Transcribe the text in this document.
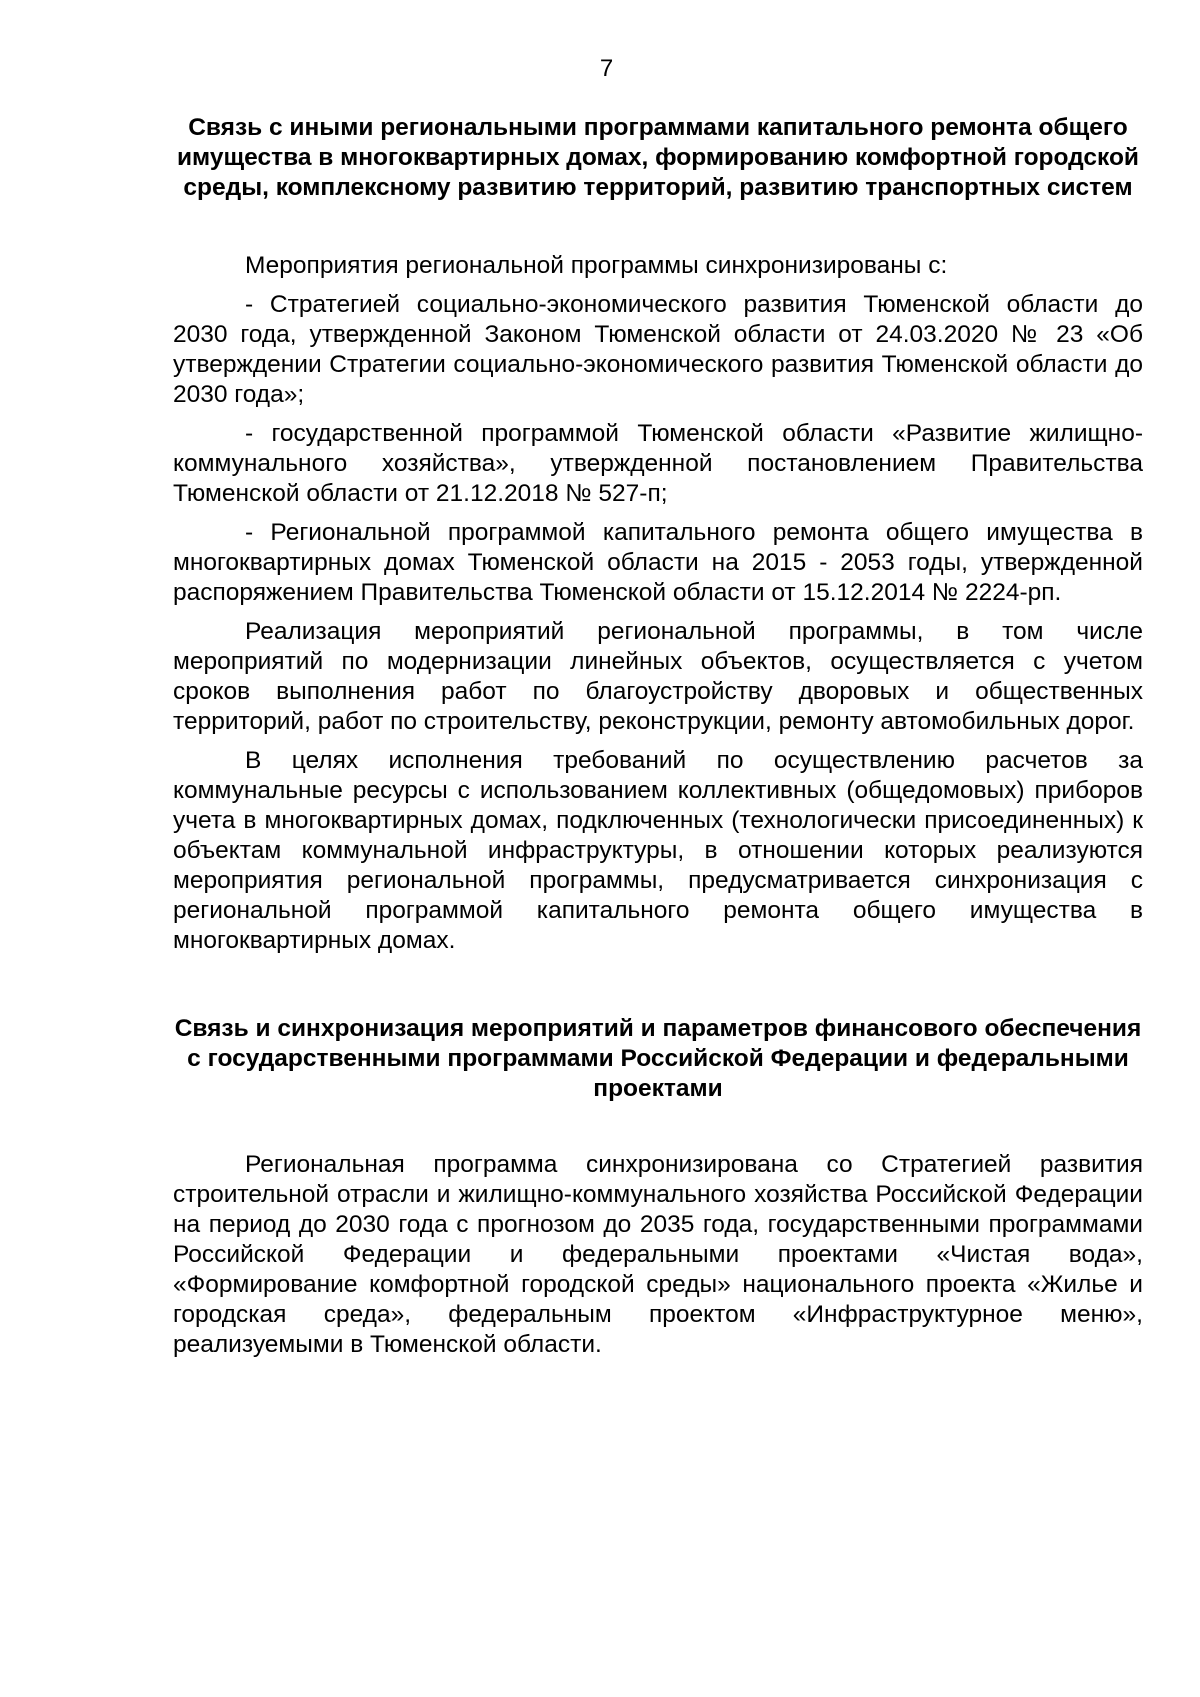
7

Связь с иными региональными программами капитального ремонта общего имущества в многоквартирных домах, формированию комфортной городской среды, комплексному развитию территорий, развитию транспортных систем

Мероприятия региональной программы синхронизированы с:

- Стратегией социально-экономического развития Тюменской области до 2030 года, утвержденной Законом Тюменской области от 24.03.2020 № 23 «Об утверждении Стратегии социально-экономического развития Тюменской области до 2030 года»;

- государственной программой Тюменской области «Развитие жилищно-коммунального хозяйства», утвержденной постановлением Правительства Тюменской области от 21.12.2018 № 527-п;

- Региональной программой капитального ремонта общего имущества в многоквартирных домах Тюменской области на 2015 - 2053 годы, утвержденной распоряжением Правительства Тюменской области от 15.12.2014 № 2224-рп.

Реализация мероприятий региональной программы, в том числе мероприятий по модернизации линейных объектов, осуществляется с учетом сроков выполнения работ по благоустройству дворовых и общественных территорий, работ по строительству, реконструкции, ремонту автомобильных дорог.

В целях исполнения требований по осуществлению расчетов за коммунальные ресурсы с использованием коллективных (общедомовых) приборов учета в многоквартирных домах, подключенных (технологически присоединенных) к объектам коммунальной инфраструктуры, в отношении которых реализуются мероприятия региональной программы, предусматривается синхронизация с региональной программой капитального ремонта общего имущества в многоквартирных домах.

Связь и синхронизация мероприятий и параметров финансового обеспечения с государственными программами Российской Федерации и федеральными проектами

Региональная программа синхронизирована со Стратегией развития строительной отрасли и жилищно-коммунального хозяйства Российской Федерации на период до 2030 года с прогнозом до 2035 года, государственными программами Российской Федерации и федеральными проектами «Чистая вода», «Формирование комфортной городской среды» национального проекта «Жилье и городская среда», федеральным проектом «Инфраструктурное меню», реализуемыми в Тюменской области.
